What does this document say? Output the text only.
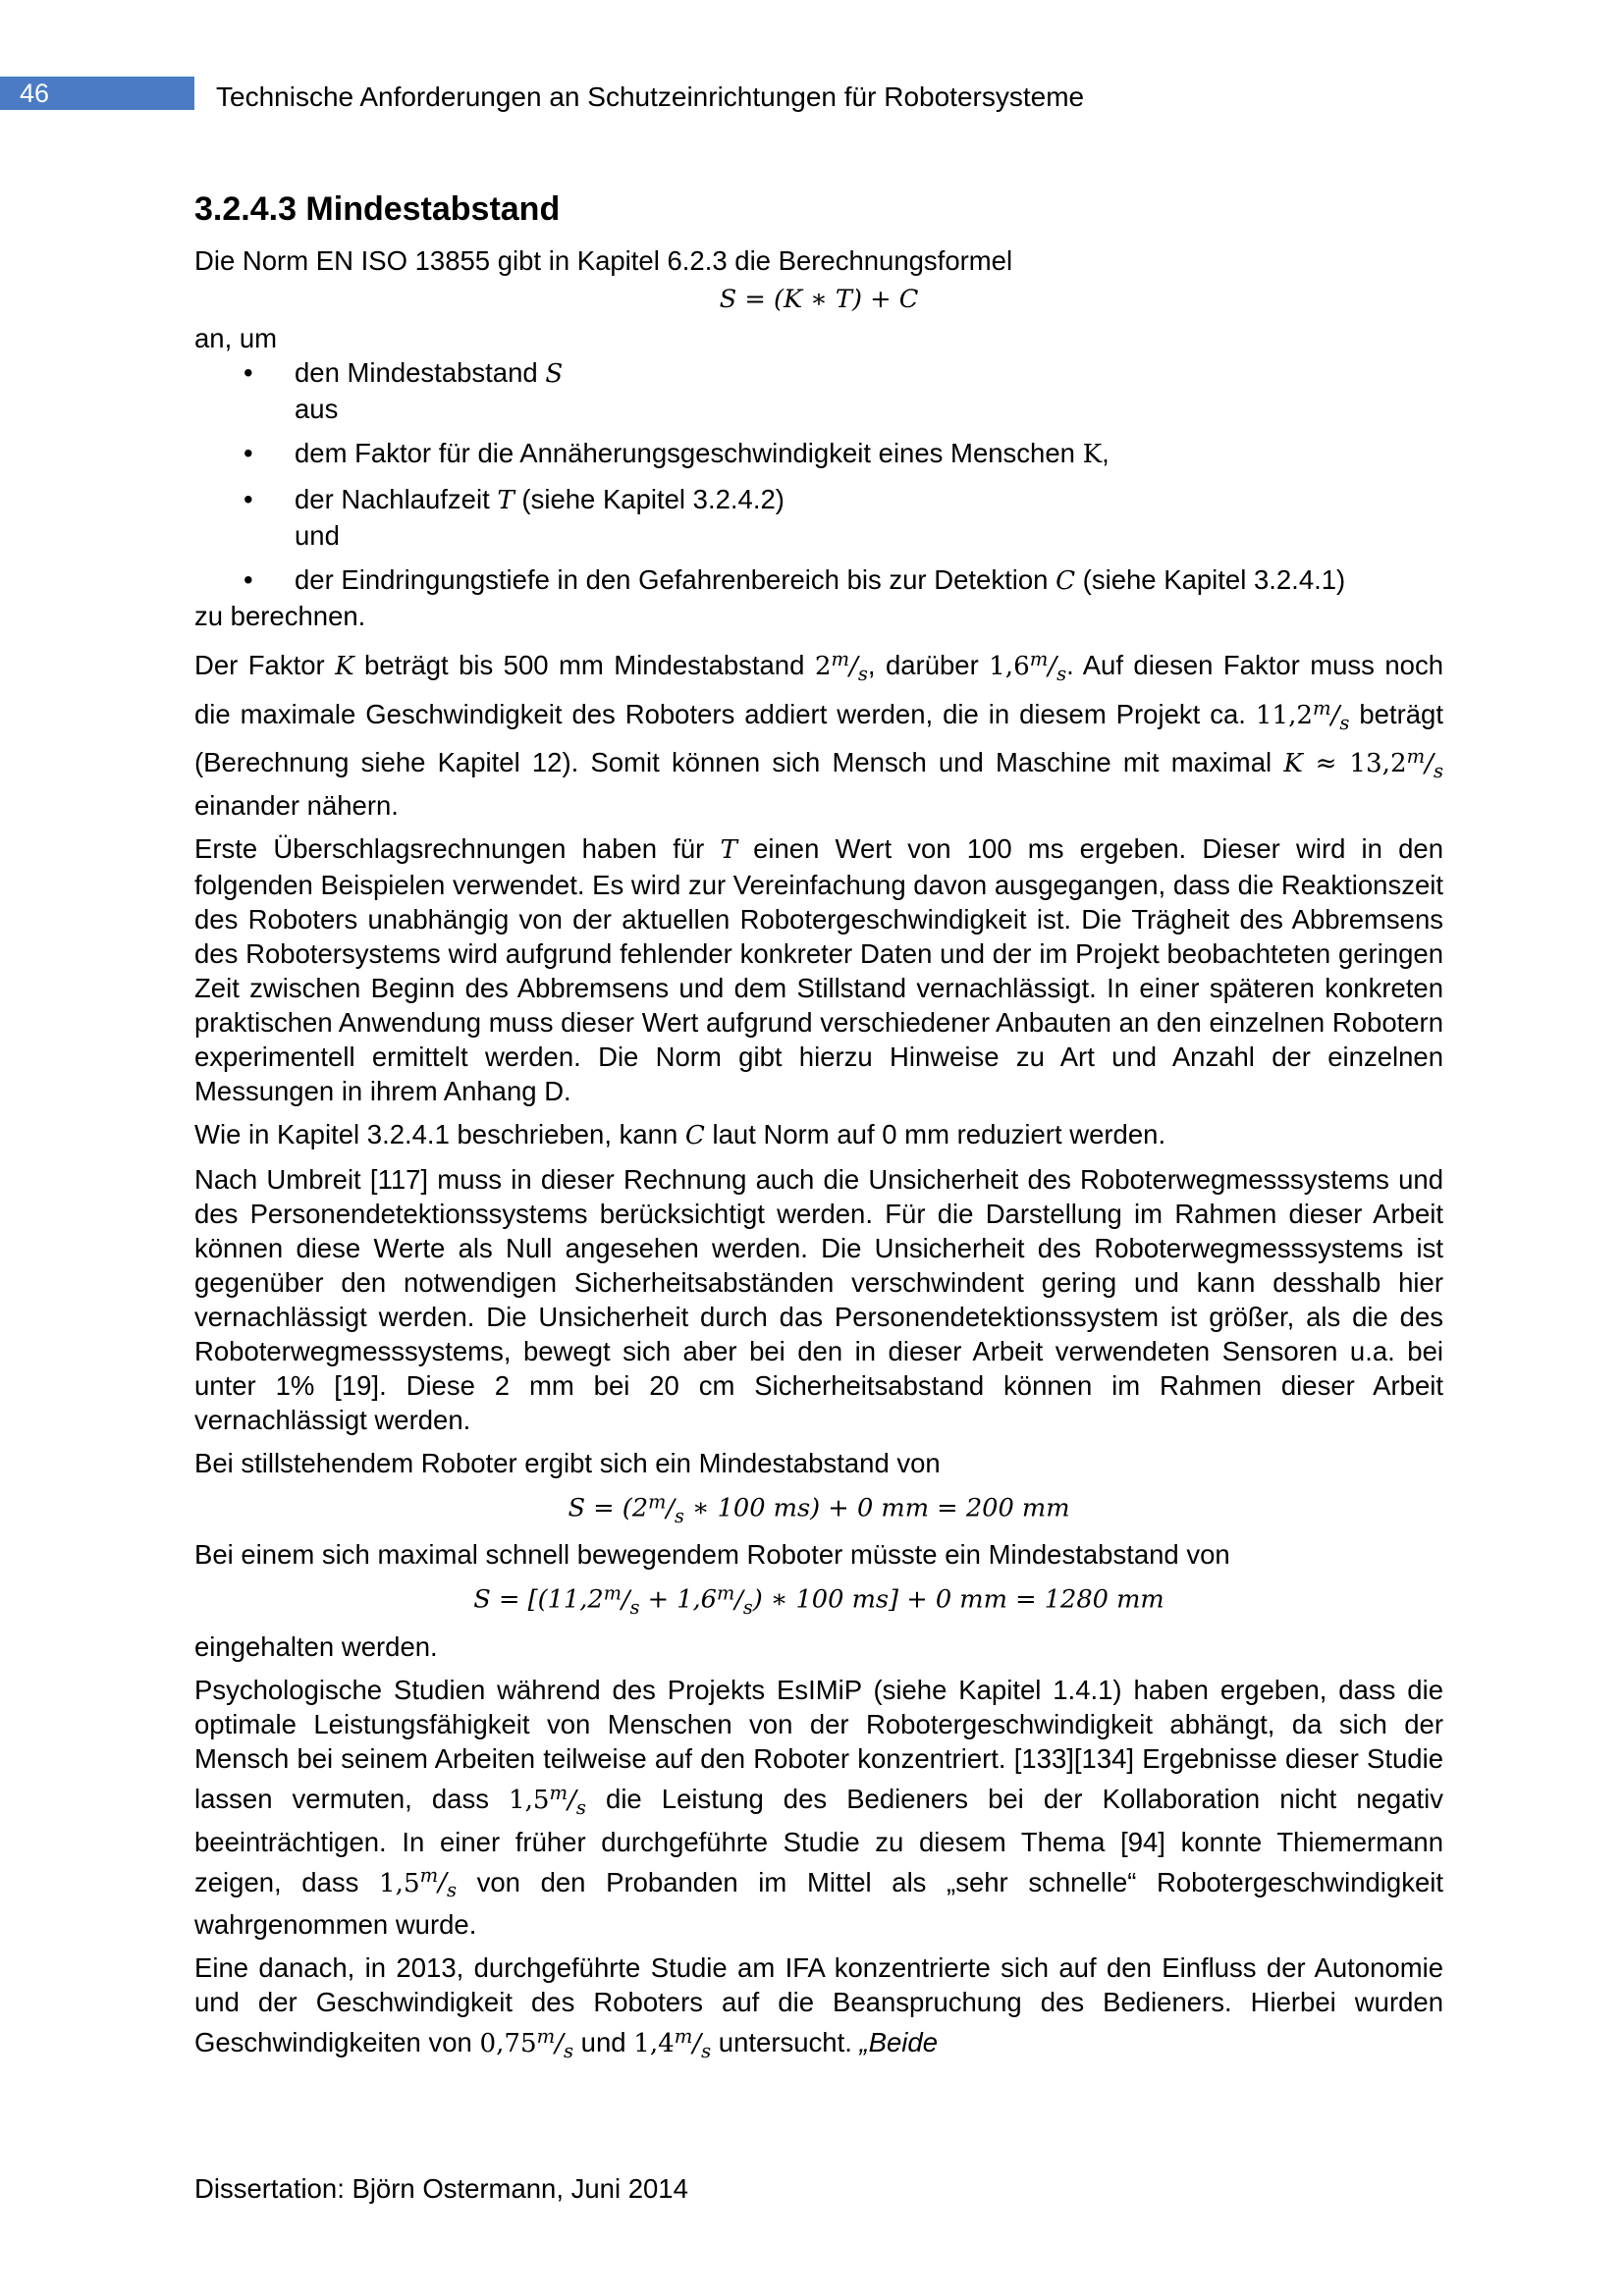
46	Technische Anforderungen an Schutzeinrichtungen für Robotersysteme
3.2.4.3 Mindestabstand

Die Norm EN ISO 13855 gibt in Kapitel 6.2.3 die Berechnungsformel

S = (K ∗ T) + C

an, um

• den Mindestabstand S
aus
• dem Faktor für die Annäherungsgeschwindigkeit eines Menschen K,
• der Nachlaufzeit T (siehe Kapitel 3.2.4.2)
und
• der Eindringungstiefe in den Gefahrenbereich bis zur Detektion C (siehe Kapitel 3.2.4.1)

zu berechnen.

Der Faktor K beträgt bis 500 mm Mindestabstand $2^m/_s$, darüber $1,6^m/_s$. Auf diesen Faktor muss noch die maximale Geschwindigkeit des Roboters addiert werden, die in diesem Projekt ca. $11,2^m/_s$ beträgt (Berechnung siehe Kapitel 12). Somit können sich Mensch und Maschine mit maximal $K \approx 13,2^m/_s$ einander nähern.

Erste Überschlagsrechnungen haben für T einen Wert von 100 ms ergeben. Dieser wird in den folgenden Beispielen verwendet. Es wird zur Vereinfachung davon ausgegangen, dass die Reaktionszeit des Roboters unabhängig von der aktuellen Robotergeschwindigkeit ist. Die Trägheit des Abbremsens des Robotersystems wird aufgrund fehlender konkreter Daten und der im Projekt beobachteten geringen Zeit zwischen Beginn des Abbremsens und dem Stillstand vernachlässigt. In einer späteren konkreten praktischen Anwendung muss dieser Wert aufgrund verschiedener Anbauten an den einzelnen Robotern experimentell ermittelt werden. Die Norm gibt hierzu Hinweise zu Art und Anzahl der einzelnen Messungen in ihrem Anhang D.

Wie in Kapitel 3.2.4.1 beschrieben, kann C laut Norm auf 0 mm reduziert werden.

Nach Umbreit [117] muss in dieser Rechnung auch die Unsicherheit des Roboterwegmesssystems und des Personendetektionssystems berücksichtigt werden. Für die Darstellung im Rahmen dieser Arbeit können diese Werte als Null angesehen werden. Die Unsicherheit des Roboterwegmesssystems ist gegenüber den notwendigen Sicherheitsabständen verschwindent gering und kann desshalb hier vernachlässigt werden. Die Unsicherheit durch das Personendetektionssystem ist größer, als die des Roboterwegmesssystems, bewegt sich aber bei den in dieser Arbeit verwendeten Sensoren u.a. bei unter 1% [19]. Diese 2 mm bei 20 cm Sicherheitsabstand können im Rahmen dieser Arbeit vernachlässigt werden.

Bei stillstehendem Roboter ergibt sich ein Mindestabstand von

$S = (2^m/_s$ ∗ 100 ms) + 0 mm = 200 mm

Bei einem sich maximal schnell bewegendem Roboter müsste ein Mindestabstand von

$S = [(11,2^m/_s + 1,6^m/_s)$ ∗ 100 ms] + 0 mm = 1280 mm

eingehalten werden.

Psychologische Studien während des Projekts EsIMiP (siehe Kapitel 1.4.1) haben ergeben, dass die optimale Leistungsfähigkeit von Menschen von der Robotergeschwindigkeit abhängt, da sich der Mensch bei seinem Arbeiten teilweise auf den Roboter konzentriert. [133][134] Ergebnisse dieser Studie lassen vermuten, dass $1,5^m/_s$ die Leistung des Bedieners bei der Kollaboration nicht negativ beeinträchtigen. In einer früher durchgeführte Studie zu diesem Thema [94] konnte Thiemermann zeigen, dass $1,5^m/_s$ von den Probanden im Mittel als „sehr schnelle“ Robotergeschwindigkeit wahrgenommen wurde.

Eine danach, in 2013, durchgeführte Studie am IFA konzentrierte sich auf den Einfluss der Autonomie und der Geschwindigkeit des Roboters auf die Beanspruchung des Bedieners. Hierbei wurden Geschwindigkeiten von $0,75^m/_s$ und $1,4^m/_s$ untersucht. „Beide

Dissertation: Björn Ostermann, Juni 2014
